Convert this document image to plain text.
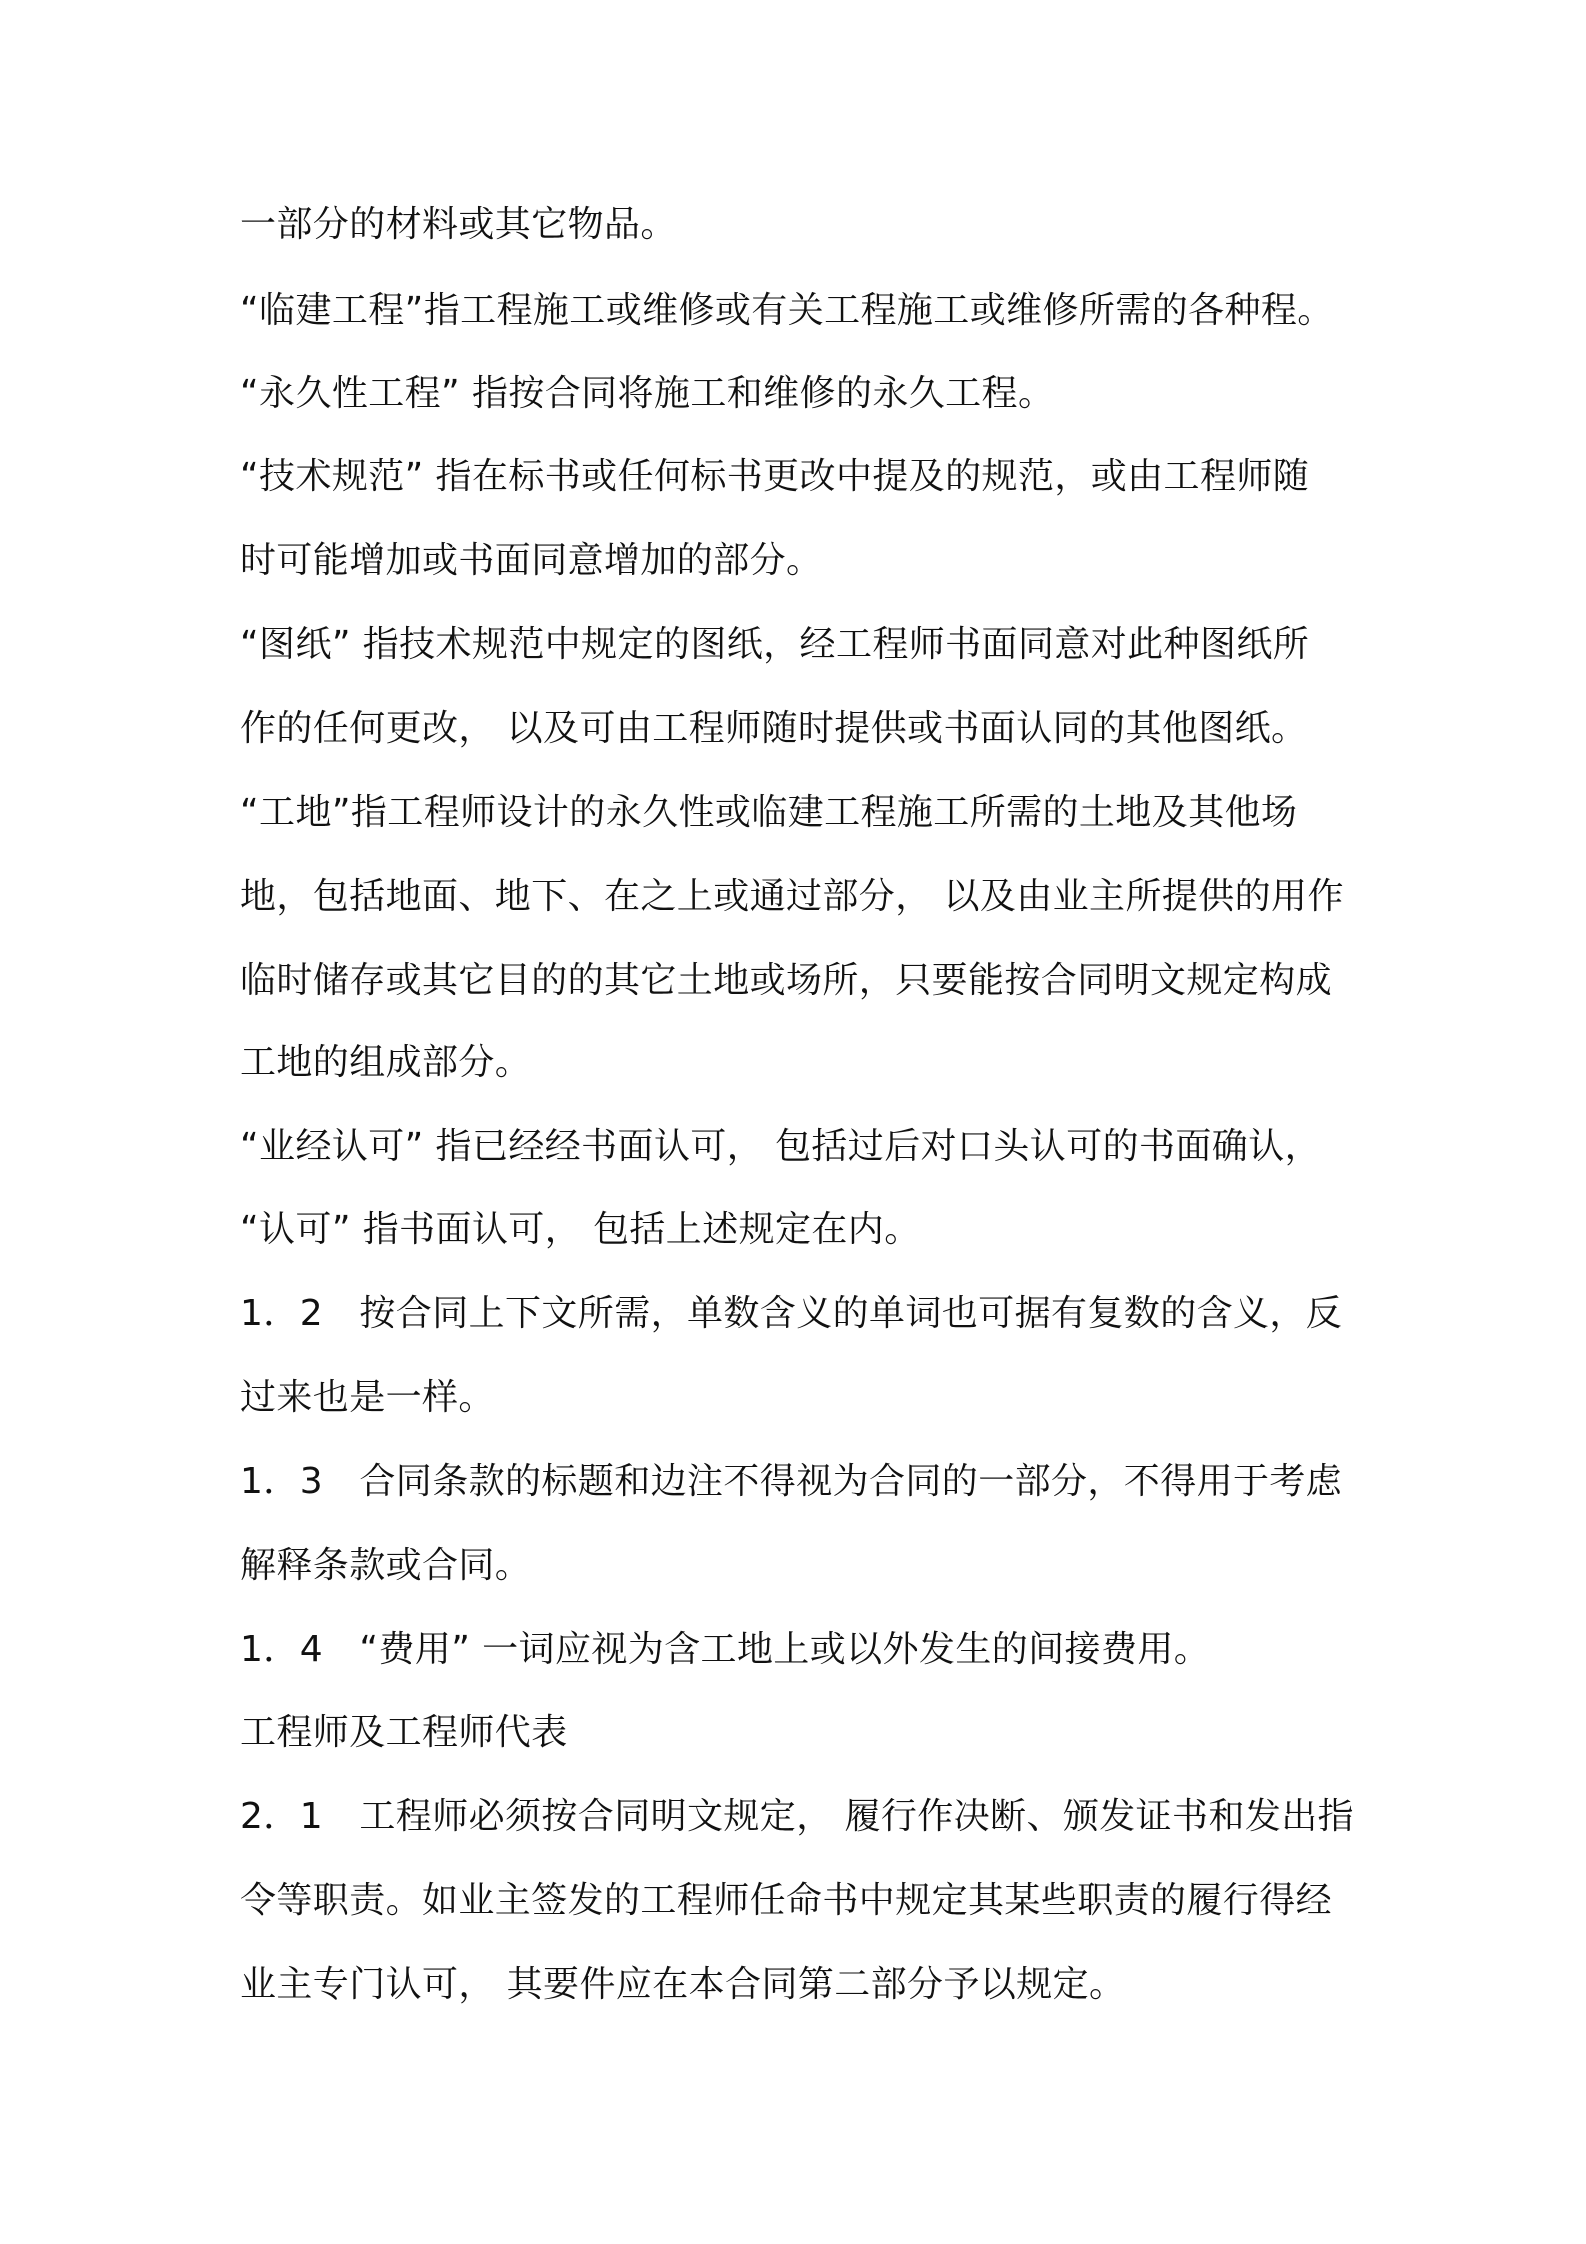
一部分的材料或其它物品。

“临建工程”指工程施工或维修或有关工程施工或维修所需的各种程。

“永久性工程” 指按合同将施工和维修的永久工程。

“技术规范” 指在标书或任何标书更改中提及的规范，或由工程师随

时可能增加或书面同意增加的部分。

“图纸” 指技术规范中规定的图纸，经工程师书面同意对此种图纸所

作的任何更改， 以及可由工程师随时提供或书面认同的其他图纸。

“工地”指工程师设计的永久性或临建工程施工所需的土地及其他场

地，包括地面、地下、在之上或通过部分， 以及由业主所提供的用作

临时储存或其它目的的其它土地或场所，只要能按合同明文规定构成

工地的组成部分。

“业经认可” 指已经经书面认可， 包括过后对口头认可的书面确认，

“认可” 指书面认可， 包括上述规定在内。

1．2　按合同上下文所需，单数含义的单词也可据有复数的含义，反

过来也是一样。

1．3　合同条款的标题和边注不得视为合同的一部分，不得用于考虑

解释条款或合同。

1．4　“费用” 一词应视为含工地上或以外发生的间接费用。

工程师及工程师代表

2．1　工程师必须按合同明文规定， 履行作决断、颁发证书和发出指

令等职责。如业主签发的工程师任命书中规定其某些职责的履行得经

业主专门认可， 其要件应在本合同第二部分予以规定。
